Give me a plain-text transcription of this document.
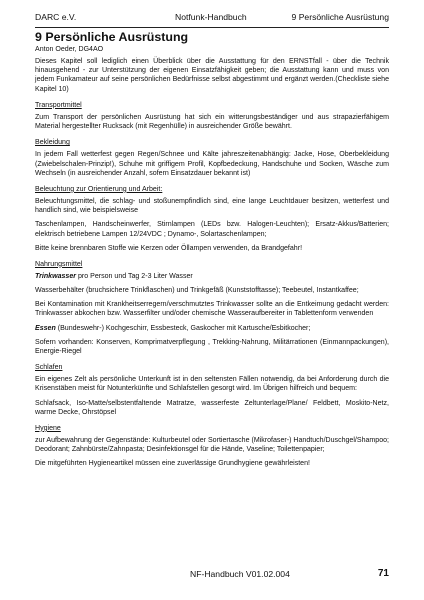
DARC e.V.	Notfunk-Handbuch	9 Persönliche Ausrüstung
9 Persönliche Ausrüstung
Anton Oeder, DG4AO

Dieses Kapitel soll lediglich einen Überblick über die Ausstattung für den ERNSTfall - über die Technik hinausgehend - zur Unterstützung der eigenen Einsatzfähigkeit geben; die Ausstattung kann und muss von jedem Funkamateur auf seine persönlichen Bedürfnisse selbst abgestimmt und ergänzt werden.(Checkliste siehe Kapitel 10)

Transportmittel

Zum Transport der persönlichen Ausrüstung hat sich ein witterungsbeständiger und aus strapazierfähigem Material hergestellter Rucksack (mit Regenhülle) in ausreichender Größe bewährt.

Bekleidung

In jedem Fall wetterfest gegen Regen/Schnee und Kälte jahreszeitenabhängig: Jacke, Hose, Oberbekleidung (Zwiebelschalen-Prinzip!), Schuhe mit griffigem Profil, Kopfbedeckung, Handschuhe und Socken, Wäsche zum Wechseln (in ausreichender Anzahl, sofern Einsatzdauer bekannt ist)

Beleuchtung zur Orientierung und Arbeit:

Beleuchtungsmittel, die schlag- und stoßunempfindlich sind, eine lange Leuchtdauer besitzen, wetterfest und handlich sind, wie beispielsweise

Taschenlampen, Handscheinwerfer, Stirnlampen (LEDs bzw. Halogen-Leuchten); Ersatz-Akkus/Batterien; elektrisch betriebene Lampen 12/24VDC ; Dynamo-, Solartaschenlampen;

Bitte keine brennbaren Stoffe wie Kerzen oder Öllampen verwenden, da Brandgefahr!

Nahrungsmittel

Trinkwasser pro Person und Tag 2-3 Liter Wasser

Wasserbehälter (bruchsichere Trinkflaschen) und Trinkgefäß (Kunststofftasse); Teebeutel, Instantkaffee;

Bei Kontamination mit Krankheitserregern/verschmutztes Trinkwasser sollte an die Entkeimung gedacht werden: Trinkwasser abkochen bzw. Wasserfilter und/oder chemische Wasseraufbereiter in Tablettenform verwenden

Essen (Bundeswehr-) Kochgeschirr, Essbesteck, Gaskocher mit Kartusche/Esbitkocher;

Sofern vorhanden: Konserven, Komprimatverpflegung , Trekking-Nahrung, Militärrationen (Einmannpackungen), Energie-Riegel

Schlafen

Ein eigenes Zelt als persönliche Unterkunft ist in den seltensten Fällen notwendig, da bei Anforderung durch die Krisenstäben meist für Notunterkünfte und Schlafstellen gesorgt wird. Im Übrigen hilfreich und bequem:

Schlafsack, Iso-Matte/selbstentfaltende Matratze, wasserfeste Zeltunterlage/Plane/ Feldbett, Moskito-Netz, warme Decke, Ohrstöpsel

Hygiene

zur Aufbewahrung der Gegenstände: Kulturbeutel oder Sortiertasche (Mikrofaser-) Handtuch/Duschgel/Shampoo; Deodorant; Zahnbürste/Zahnpasta; Desinfektionsgel für die Hände, Vaseline; Toilettenpapier;

Die mitgeführten Hygieneartikel müssen eine zuverlässige Grundhygiene gewährleisten!

NF-Handbuch V01.02.004	71
